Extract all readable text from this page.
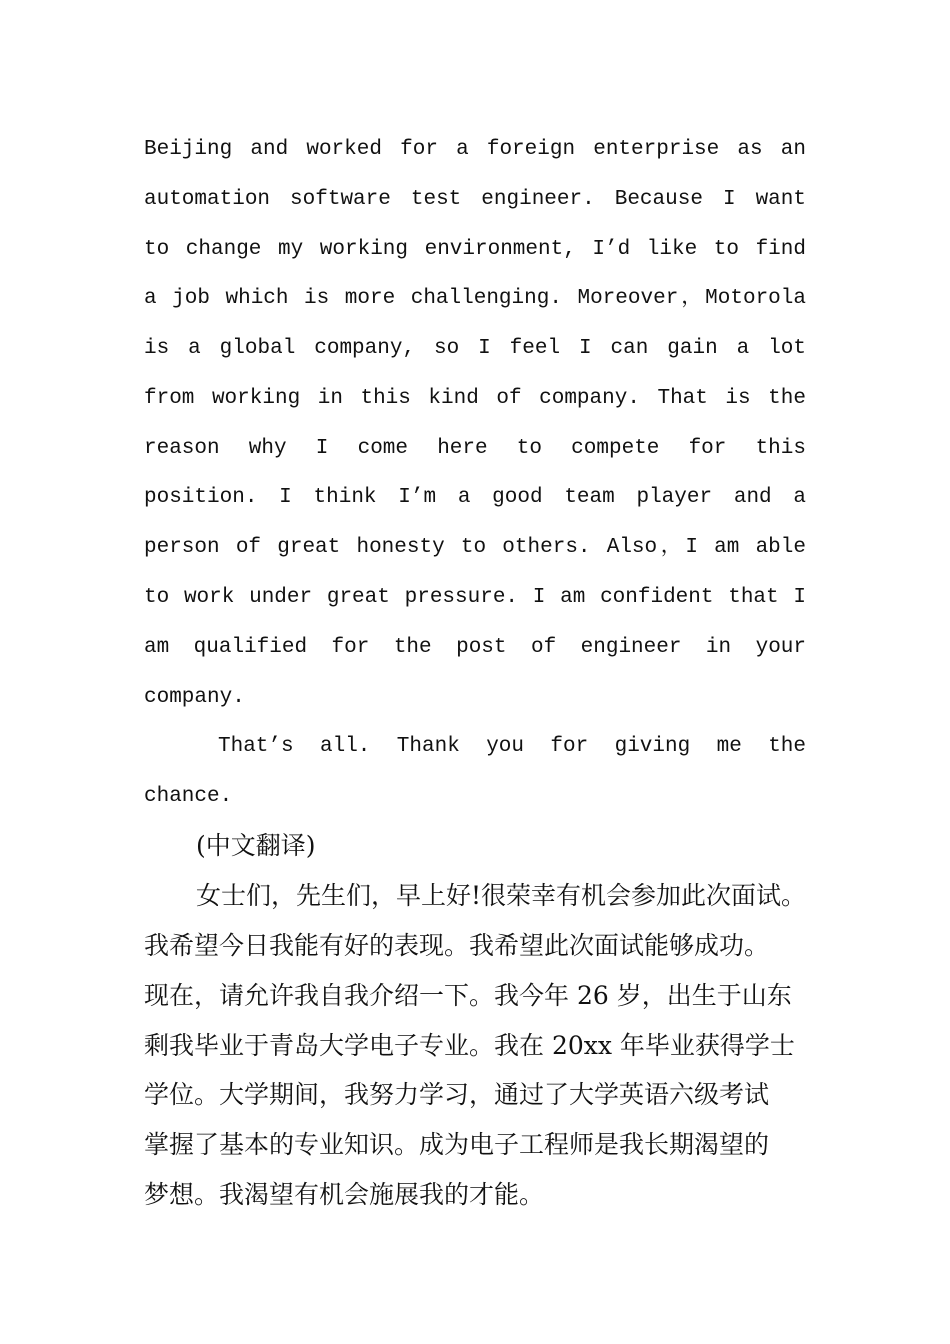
Beijing and worked for a foreign enterprise as an
automation software test engineer. Because I want
to change my working environment, I’d like to find
a job which is more challenging. Moreover，Motorola
is a global company, so I feel I can gain a lot
from working in this kind of company. That is the
reason why I come here to compete for this
position. I think I’m a good team player and a
person of great honesty to others. Also，I am able
to work under great pressure. I am confident that I
am qualified for the post of engineer in your
company.
That’s all. Thank you for giving me the
chance.
(中文翻译)
女士们，先生们，早上好!很荣幸有机会参加此次面试。
我希望今日我能有好的表现。我希望此次面试能够成功。
现在，请允许我自我介绍一下。我今年 26 岁，出生于山东
剩我毕业于青岛大学电子专业。我在 20xx 年毕业获得学士
学位。大学期间，我努力学习，通过了大学英语六级考试
掌握了基本的专业知识。成为电子工程师是我长期渴望的
梦想。我渴望有机会施展我的才能。
